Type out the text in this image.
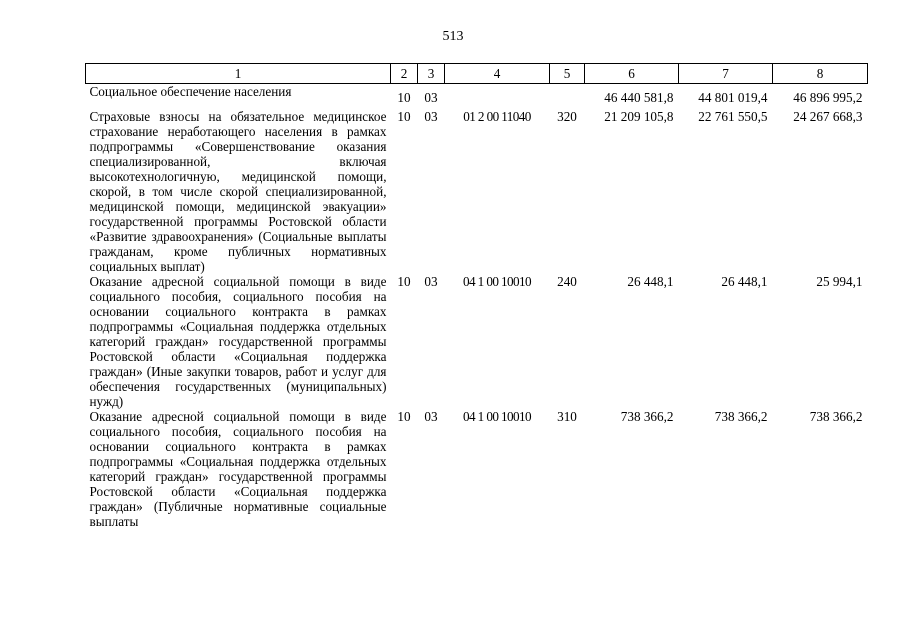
513
1	2	3	4	5	6	7	8
Социальное обеспечение населения	10	03			46 440 581,8	44 801 019,4	46 896 995,2
Страховые взносы на обязательное медицинское страхование неработающего населения в рамках подпрограммы «Совершенствование оказания специализированной, включая высокотехнологичную, медицинской помощи, скорой, в том числе скорой специализированной, медицинской помощи, медицинской эвакуации» государственной программы Ростовской области «Развитие здравоохранения» (Социальные выплаты гражданам, кроме публичных нормативных социальных выплат)	10	03	01 2 00 11040	320	21 209 105,8	22 761 550,5	24 267 668,3
Оказание адресной социальной помощи в виде социального пособия, социального пособия на основании социального контракта в рамках подпрограммы «Социальная поддержка отдельных категорий граждан» государственной программы Ростовской области «Социальная поддержка граждан» (Иные закупки товаров, работ и услуг для обеспечения государственных (муниципальных) нужд)	10	03	04 1 00 10010	240	26 448,1	26 448,1	25 994,1
Оказание адресной социальной помощи в виде социального пособия, социального пособия на основании социального контракта в рамках подпрограммы «Социальная поддержка отдельных категорий граждан» государственной программы Ростовской области «Социальная поддержка граждан» (Публичные нормативные социальные выплаты	10	03	04 1 00 10010	310	738 366,2	738 366,2	738 366,2
